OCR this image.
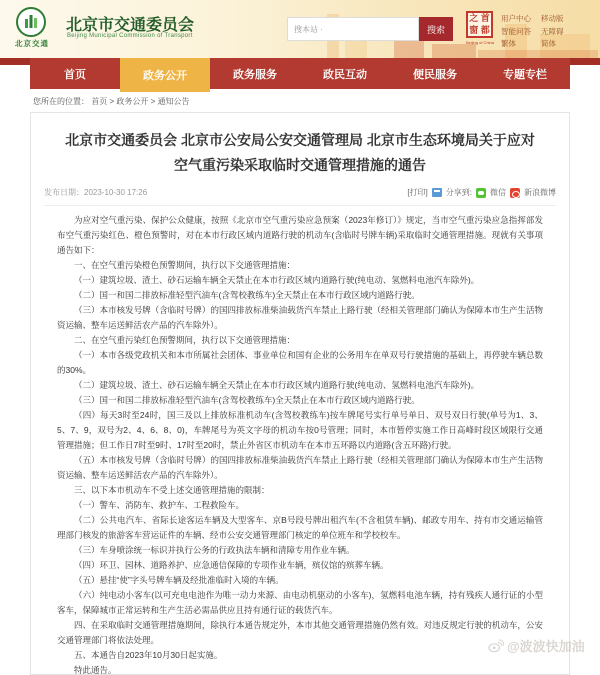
北京交通
北京市交通委员会
Beijing Municipal Commission of Transport
搜本站 ·
搜索
之 首
窗 都
Beijing of China
用户中心
智能问答
繁体
移动版
无障碍
简体
首页	政务公开	政务服务	政民互动	便民服务	专题专栏
您所在的位置： 首页 > 政务公开 > 通知公告
北京市交通委员会 北京市公安局公安交通管理局 北京市生态环境局关于应对空气重污染采取临时交通管理措施的通告
发布日期：2023-10-30 17:26	[打印] 分享到: 微信 新浪微博

为应对空气重污染、保护公众健康，按照《北京市空气重污染应急预案（2023年修订）》规定，当市空气重污染应急指挥部发布空气重污染红色、橙色预警时，对在本市行政区域内道路行驶的机动车(含临时号牌车辆)采取临时交通管理措施。现就有关事项通告如下：

一、在空气重污染橙色预警期间，执行以下交通管理措施：

（一）建筑垃圾、渣土、砂石运输车辆全天禁止在本市行政区域内道路行驶(纯电动、氢燃料电池汽车除外)。

（二）国一和国二排放标准轻型汽油车(含驾校教练车)全天禁止在本市行政区域内道路行驶。

（三）本市核发号牌（含临时号牌）的国四排放标准柴油载货汽车禁止上路行驶（经相关管理部门确认为保障本市生产生活物资运输、整车运送鲜活农产品的汽车除外）。

二、在空气重污染红色预警期间，执行以下交通管理措施：

（一）本市各级党政机关和本市所属社会团体、事业单位和国有企业的公务用车在单双号行驶措施的基础上，再停驶车辆总数的30%。

（二）建筑垃圾、渣土、砂石运输车辆全天禁止在本市行政区域内道路行驶(纯电动、氢燃料电池汽车除外)。

（三）国一和国二排放标准轻型汽油车(含驾校教练车)全天禁止在本市行政区域内道路行驶。

（四）每天3时至24时，国三及以上排放标准机动车(含驾校教练车)按车牌尾号实行单号单日、双号双日行驶(单号为1、3、5、7、9，双号为2、4、6、8、0)，车牌尾号为英文字母的机动车按0号管理；同时，本市暂停实施工作日高峰时段区域限行交通管理措施；但工作日7时至9时、17时至20时，禁止外省区市机动车在本市五环路以内道路(含五环路)行驶。

（五）本市核发号牌（含临时号牌）的国四排放标准柴油载货汽车禁止上路行驶（经相关管理部门确认为保障本市生产生活物资运输、整车运送鲜活农产品的汽车除外）。

三、以下本市机动车不受上述交通管理措施的限制：

（一）警车、消防车、救护车、工程救险车。

（二）公共电汽车、省际长途客运车辆及大型客车、京B号段号牌出租汽车(不含租赁车辆)、邮政专用车、持有市交通运输管理部门核发的旅游客车营运证件的车辆、经市公安交通管理部门核定的单位班车和学校校车。

（三）车身喷涂统一标识并执行公务的行政执法车辆和清障专用作业车辆。

（四）环卫、园林、道路养护、应急通信保障的专项作业车辆，殡仪馆的殡葬车辆。

（五）悬挂“使”字头号牌车辆及经批准临时入境的车辆。

（六）纯电动小客车(以可充电电池作为唯一动力来源、由电动机驱动的小客车)，氢燃料电池车辆，持有残疾人通行证的小型客车，保障城市正常运转和生产生活必需品供应且持有通行证的载货汽车。

四、在采取临时交通管理措施期间，除执行本通告规定外，本市其他交通管理措施仍然有效。对违反规定行驶的机动车，公安交通管理部门将依法处理。

五、本通告自2023年10月30日起实施。

特此通告。

@波波快加油
